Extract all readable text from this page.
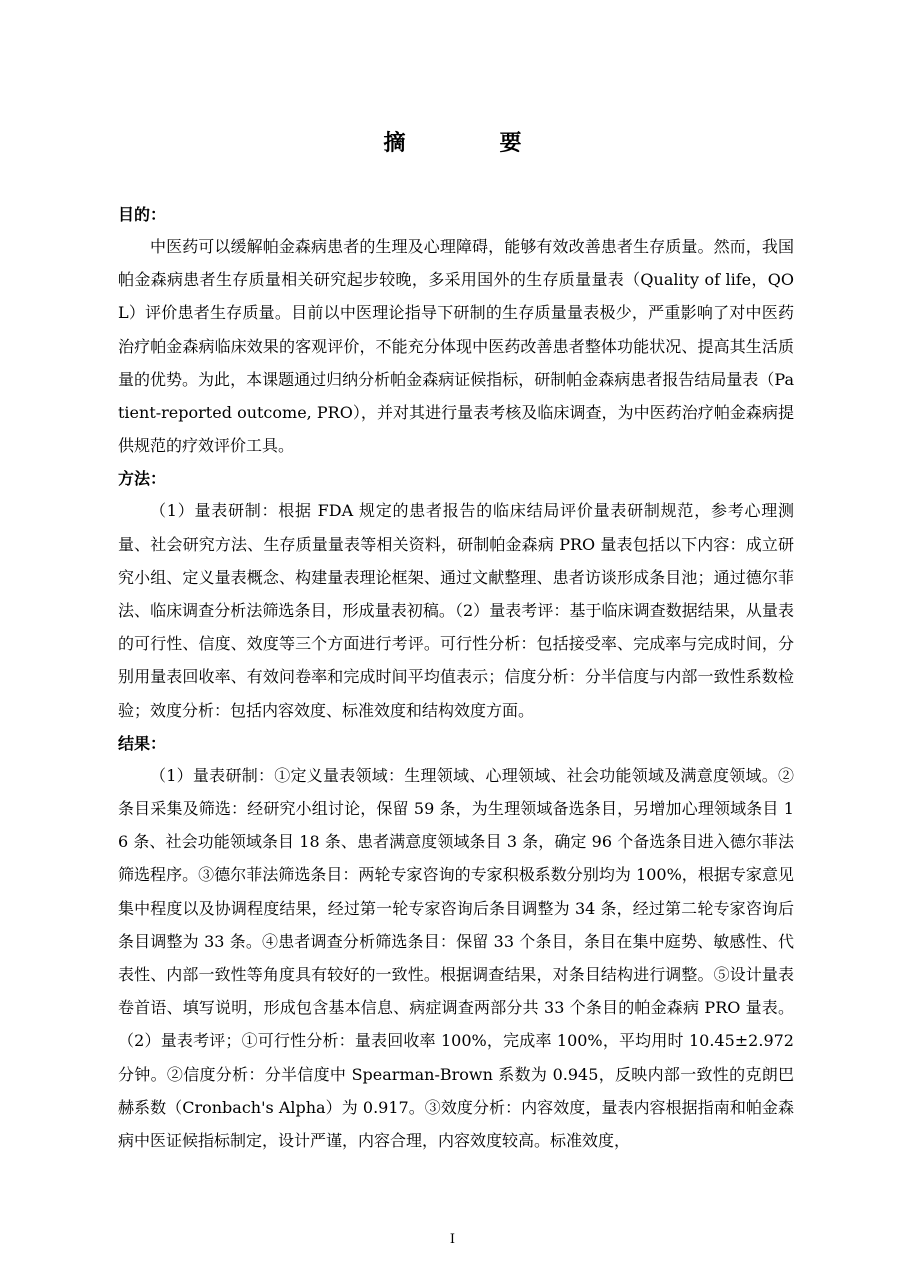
摘　要

目的：

中医药可以缓解帕金森病患者的生理及心理障碍，能够有效改善患者生存质量。然而，我国帕金森病患者生存质量相关研究起步较晚，多采用国外的生存质量量表（Quality of life，QOL）评价患者生存质量。目前以中医理论指导下研制的生存质量量表极少，严重影响了对中医药治疗帕金森病临床效果的客观评价，不能充分体现中医药改善患者整体功能状况、提高其生活质量的优势。为此，本课题通过归纳分析帕金森病证候指标，研制帕金森病患者报告结局量表（Patient-reported outcome, PRO），并对其进行量表考核及临床调查，为中医药治疗帕金森病提供规范的疗效评价工具。

方法：

（1）量表研制：根据 FDA 规定的患者报告的临床结局评价量表研制规范，参考心理测量、社会研究方法、生存质量量表等相关资料，研制帕金森病 PRO 量表包括以下内容：成立研究小组、定义量表概念、构建量表理论框架、通过文献整理、患者访谈形成条目池；通过德尔菲法、临床调查分析法筛选条目，形成量表初稿。（2）量表考评：基于临床调查数据结果，从量表的可行性、信度、效度等三个方面进行考评。可行性分析：包括接受率、完成率与完成时间，分别用量表回收率、有效问卷率和完成时间平均值表示；信度分析：分半信度与内部一致性系数检验；效度分析：包括内容效度、标准效度和结构效度方面。

结果：

（1）量表研制：①定义量表领域：生理领域、心理领域、社会功能领域及满意度领域。②条目采集及筛选：经研究小组讨论，保留 59 条，为生理领域备选条目，另增加心理领域条目 16 条、社会功能领域条目 18 条、患者满意度领域条目 3 条，确定 96 个备选条目进入德尔菲法筛选程序。③德尔菲法筛选条目：两轮专家咨询的专家积极系数分别均为 100%，根据专家意见集中程度以及协调程度结果，经过第一轮专家咨询后条目调整为 34 条，经过第二轮专家咨询后条目调整为 33 条。④患者调查分析筛选条目：保留 33 个条目，条目在集中庭势、敏感性、代表性、内部一致性等角度具有较好的一致性。根据调查结果，对条目结构进行调整。⑤设计量表卷首语、填写说明，形成包含基本信息、病症调查两部分共 33 个条目的帕金森病 PRO 量表。（2）量表考评；①可行性分析：量表回收率 100%，完成率 100%，平均用时 10.45±2.972 分钟。②信度分析：分半信度中 Spearman-Brown 系数为 0.945，反映内部一致性的克朗巴赫系数（Cronbach's Alpha）为 0.917。③效度分析：内容效度，量表内容根据指南和帕金森病中医证候指标制定，设计严谨，内容合理，内容效度较高。标准效度，

I
